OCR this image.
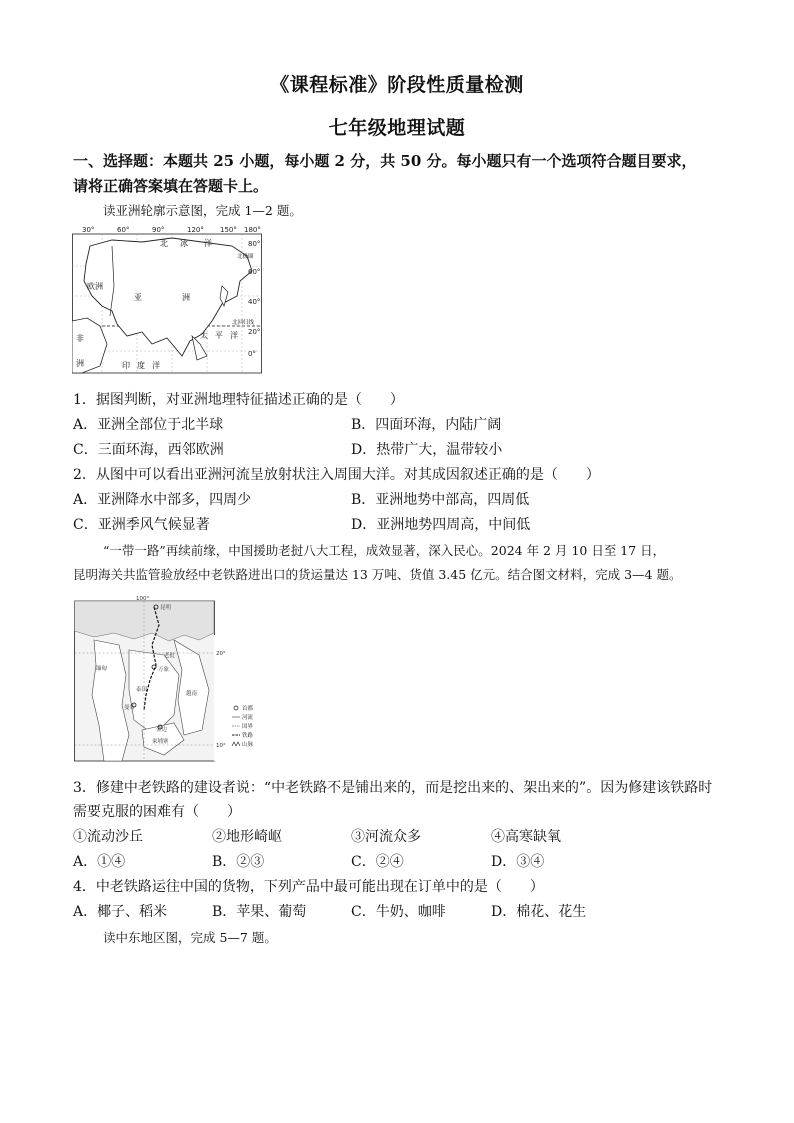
《课程标准》阶段性质量检测
七年级地理试题
一、选择题：本题共 25 小题，每小题 2 分，共 50 分。每小题只有一个选项符合题目要求，
请将正确答案填在答题卡上。
读亚洲轮廓示意图，完成 1—2 题。
30°	60°	90°	120° 150° 180°
80°
60°
40°
20°
0°
北 冰 洋
北极圈
欧洲
亚	洲
北回归线
太 平 洋
非
洲	印 度 洋
1．据图判断，对亚洲地理特征描述正确的是（　　）
A．亚洲全部位于北半球	B．四面环海，内陆广阔
C．三面环海，西邻欧洲	D．热带广大，温带较小
2．从图中可以看出亚洲河流呈放射状注入周围大洋。对其成因叙述正确的是（　　）
A．亚洲降水中部多，四周少	B．亚洲地势中部高，四周低
C．亚洲季风气候显著	D．亚洲地势四周高，中间低
“一带一路”再续前缘，中国援助老挝八大工程，成效显著，深入民心。2024 年 2 月 10 日至 17 日，
昆明海关共监管验放经中老铁路进出口的货运量达 13 万吨、货值 3.45 亿元。结合图文材料，完成 3—4 题。
100°
20°
10°
昆明
万象
曼谷
金边
缅甸
泰国
老挝
越南
柬埔寨
首都
河流
国界
铁路
山脉
3．修建中老铁路的建设者说：“中老铁路不是铺出来的，而是挖出来的、架出来的”。因为修建该铁路时
需要克服的困难有（　　）
①流动沙丘	②地形崎岖	③河流众多	④高寒缺氧
A．①④	B．②③	C．②④	D．③④
4．中老铁路运往中国的货物，下列产品中最可能出现在订单中的是（　　）
A．椰子、稻米	B．苹果、葡萄	C．牛奶、咖啡	D．棉花、花生
读中东地区图，完成 5—7 题。
